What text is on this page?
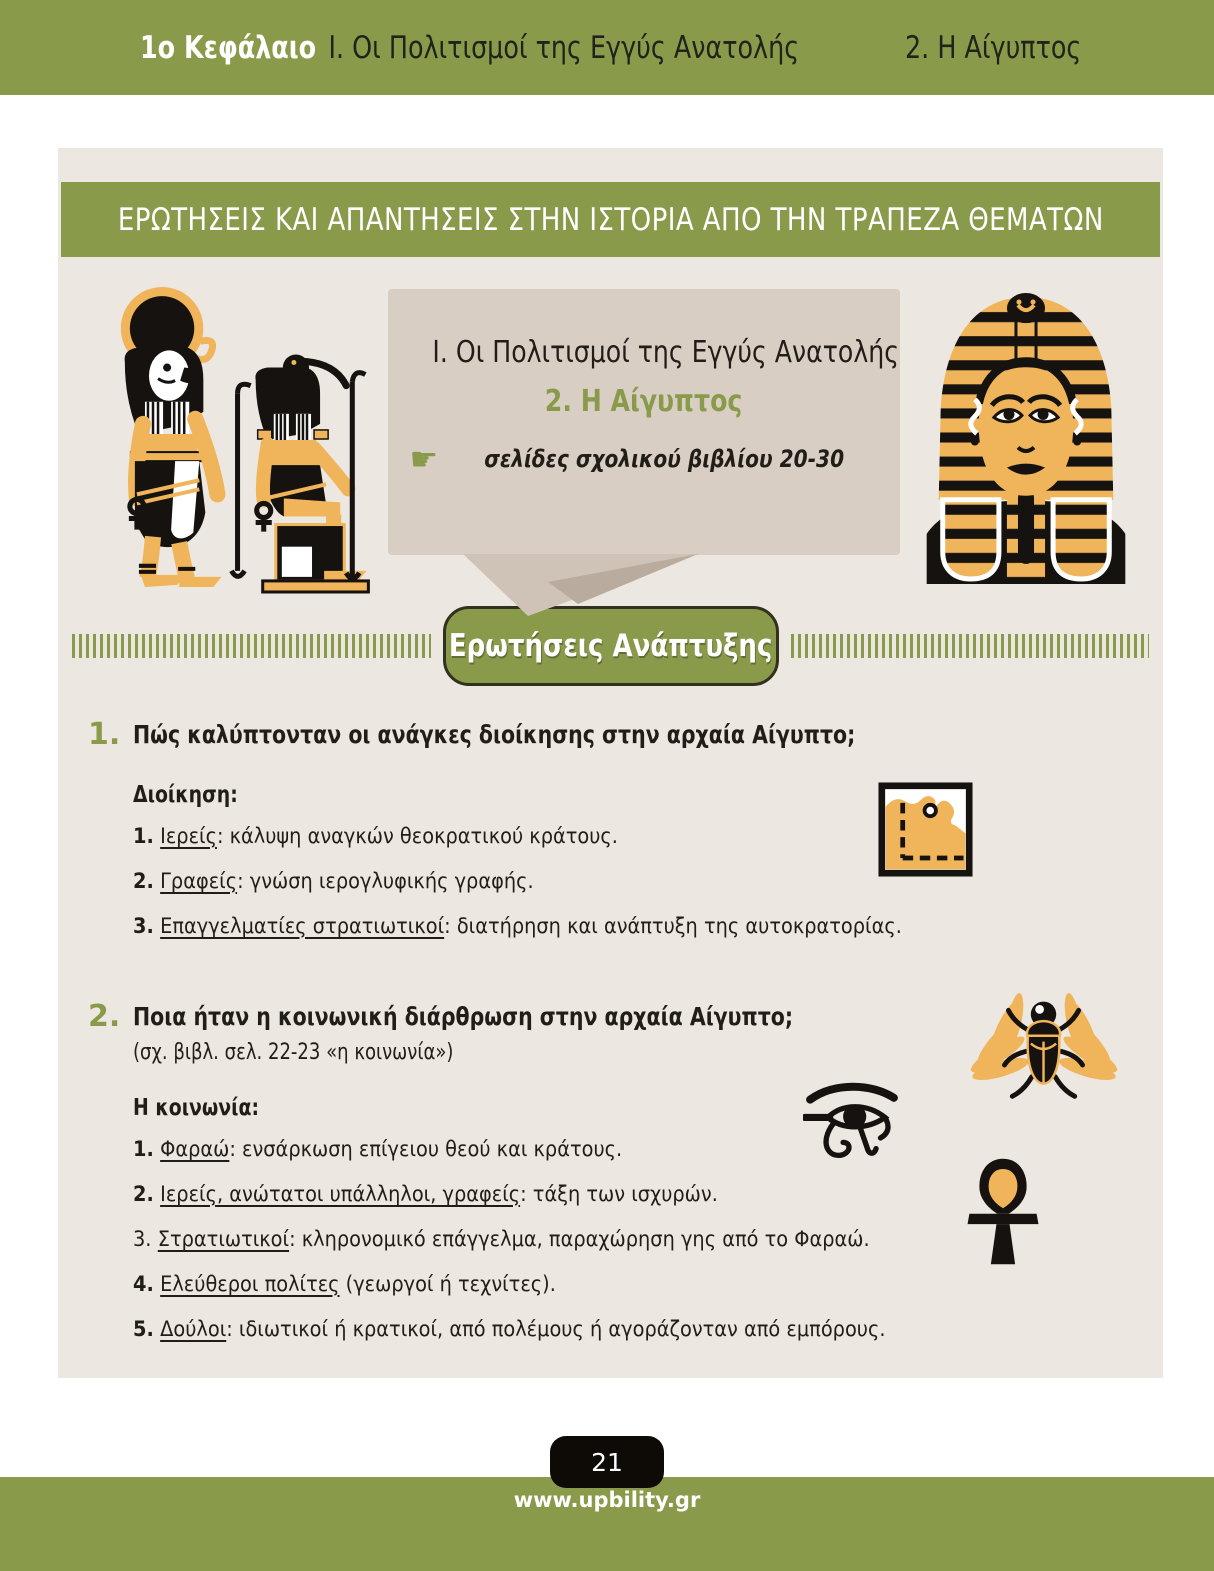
1ο Κεφάλαιο Ι. Οι Πολιτισμοί της Εγγύς Ανατολής	2. Η Αίγυπτος
ΕΡΩΤΗΣΕΙΣ ΚΑΙ ΑΠΑΝΤΗΣΕΙΣ ΣΤΗΝ ΙΣΤΟΡΙΑ ΑΠΟ ΤΗΝ ΤΡΑΠΕΖΑ ΘΕΜΑΤΩΝ
Ι. Οι Πολιτισμοί της Εγγύς Ανατολής
2. Η Αίγυπτος
☛	σελίδες σχολικού βιβλίου 20-30
Ερωτήσεις Ανάπτυξης
1. Πώς καλύπτονταν οι ανάγκες διοίκησης στην αρχαία Αίγυπτο;

Διοίκηση:

1. Ιερείς: κάλυψη αναγκών θεοκρατικού κράτους.
2. Γραφείς: γνώση ιερογλυφικής γραφής.
3. Επαγγελματίες στρατιωτικοί: διατήρηση και ανάπτυξη της αυτοκρατορίας.
2. Ποια ήταν η κοινωνική διάρθρωση στην αρχαία Αίγυπτο;

(σχ. βιβλ. σελ. 22-23 «η κοινωνία»)

Η κοινωνία:

1. Φαραώ: ενσάρκωση επίγειου θεού και κράτους.
2. Ιερείς, ανώτατοι υπάλληλοι, γραφείς: τάξη των ισχυρών.
3. Στρατιωτικοί: κληρονομικό επάγγελμα, παραχώρηση γης από το Φαραώ.
4. Ελεύθεροι πολίτες (γεωργοί ή τεχνίτες).
5. Δούλοι: ιδιωτικοί ή κρατικοί, από πολέμους ή αγοράζονταν από εμπόρους.
21
www.upbility.gr
